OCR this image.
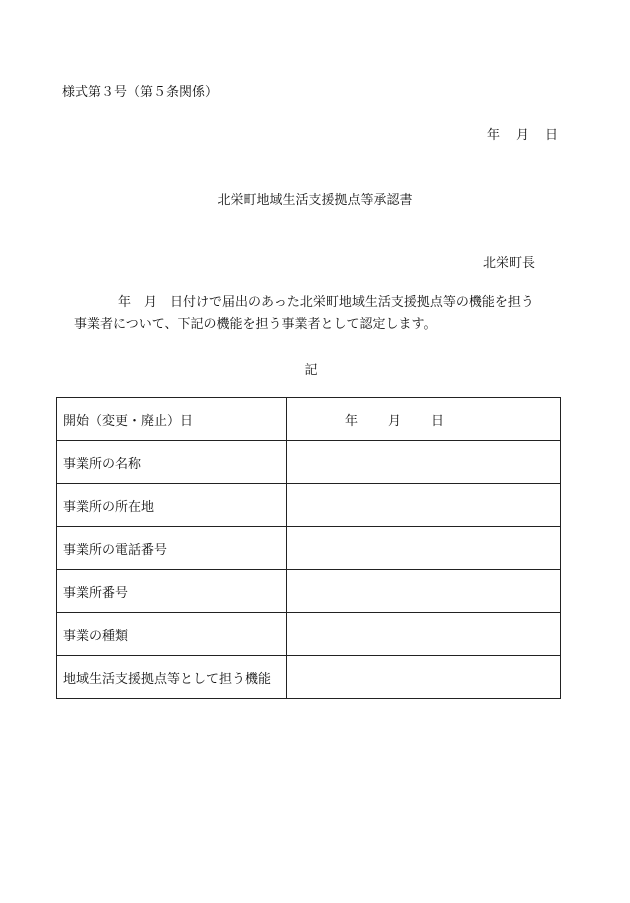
様式第３号（第５条関係）
年 月 日
北栄町地域生活支援拠点等承認書
北栄町長
年　月　日付けで届出のあった北栄町地域生活支援拠点等の機能を担う
事業者について、下記の機能を担う事業者として認定します。
記
開始（変更・廃止）日	年 月 日
事業所の名称	
事業所の所在地	
事業所の電話番号	
事業所番号	
事業の種類	
地域生活支援拠点等として担う機能	
